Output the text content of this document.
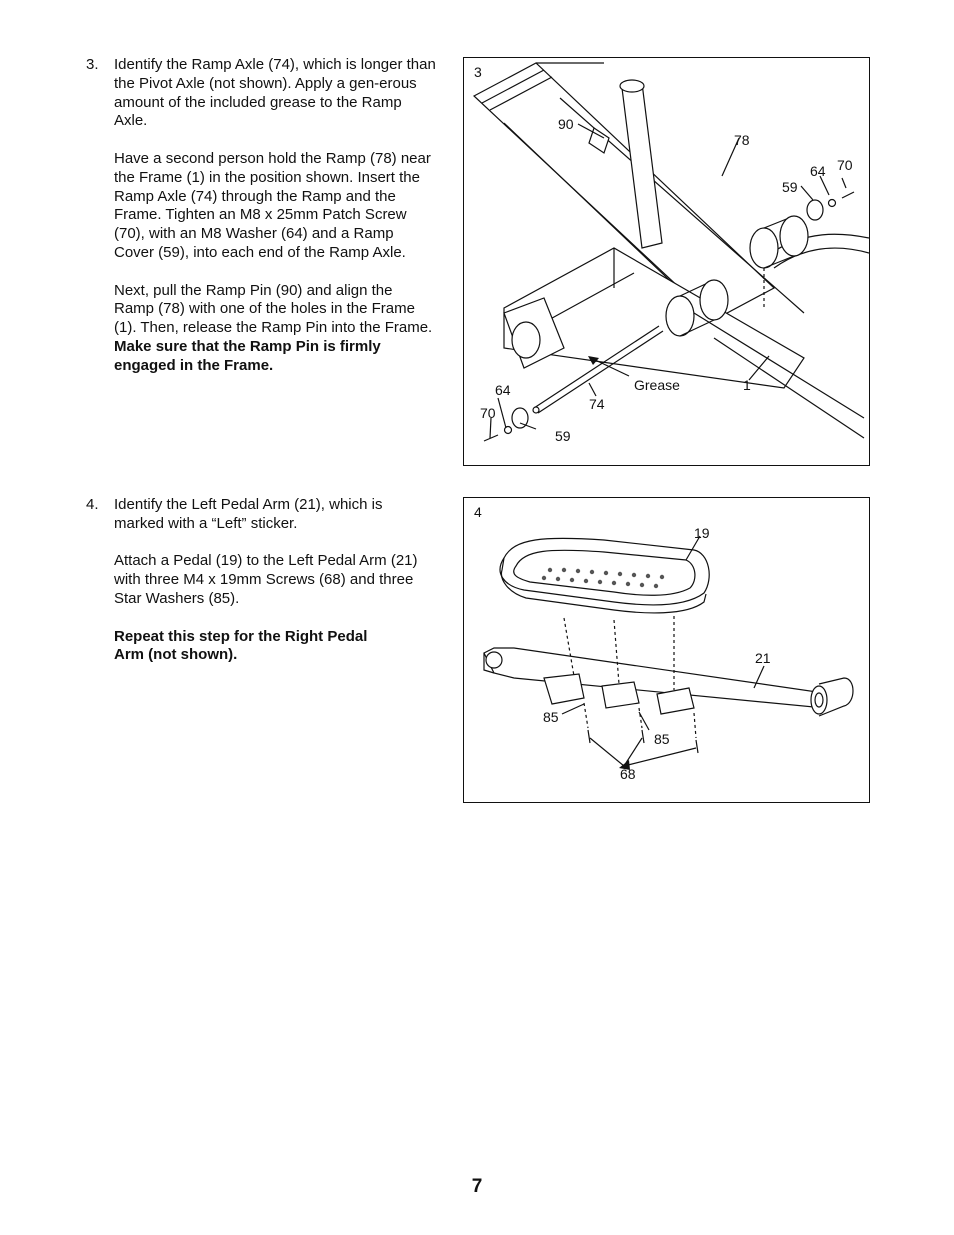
3. Identify the Ramp Axle (74), which is longer than the Pivot Axle (not shown). Apply a gen-erous amount of the included grease to the Ramp Axle.

Have a second person hold the Ramp (78) near the Frame (1) in the position shown. Insert the Ramp Axle (74) through the Ramp and the Frame. Tighten an M8 x 25mm Patch Screw (70), with an M8 Washer (64) and a Ramp Cover (59), into each end of the Ramp Axle.

Next, pull the Ramp Pin (90) and align the Ramp (78) with one of the holes in the Frame (1). Then, release the Ramp Pin into the Frame. Make sure that the Ramp Pin is firmly engaged in the Frame.

3
90
78
59
64 70
64
70
59
74
Grease	1
4. Identify the Left Pedal Arm (21), which is marked with a “Left” sticker.

Attach a Pedal (19) to the Left Pedal Arm (21) with three M4 x 19mm Screws (68) and three Star Washers (85).

Repeat this step for the Right Pedal Arm (not shown).

4
19
21
85
85
68
7
